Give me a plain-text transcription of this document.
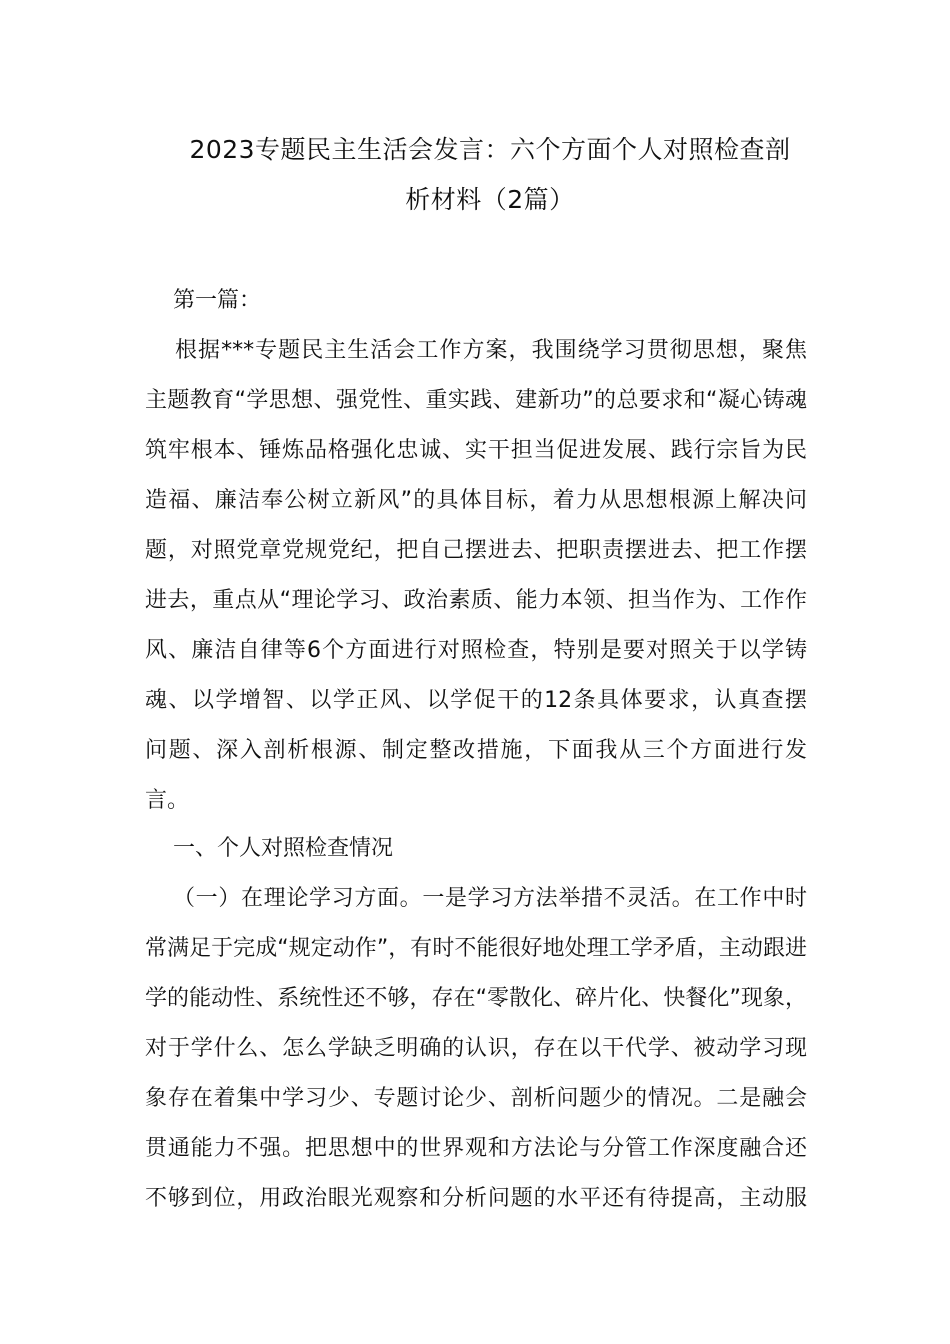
2023专题民主生活会发言：六个方面个人对照检查剖
析材料（2篇）
第一篇：
根据***专题民主生活会工作方案，我围绕学习贯彻思想，聚焦
主题教育“学思想、强党性、重实践、建新功”的总要求和“凝心铸魂
筑牢根本、锤炼品格强化忠诚、实干担当促进发展、践行宗旨为民
造福、廉洁奉公树立新风”的具体目标，着力从思想根源上解决问
题，对照党章党规党纪，把自己摆进去、把职责摆进去、把工作摆
进去，重点从“理论学习、政治素质、能力本领、担当作为、工作作
风、廉洁自律等6个方面进行对照检查，特别是要对照关于以学铸
魂、以学增智、以学正风、以学促干的12条具体要求，认真查摆
问题、深入剖析根源、制定整改措施，下面我从三个方面进行发
言。
一、个人对照检查情况
（一）在理论学习方面。一是学习方法举措不灵活。在工作中时
常满足于完成“规定动作”，有时不能很好地处理工学矛盾，主动跟进
学的能动性、系统性还不够，存在“零散化、碎片化、快餐化”现象，
对于学什么、怎么学缺乏明确的认识，存在以干代学、被动学习现
象存在着集中学习少、专题讨论少、剖析问题少的情况。二是融会
贯通能力不强。把思想中的世界观和方法论与分管工作深度融合还
不够到位，用政治眼光观察和分析问题的水平还有待提高，主动服
